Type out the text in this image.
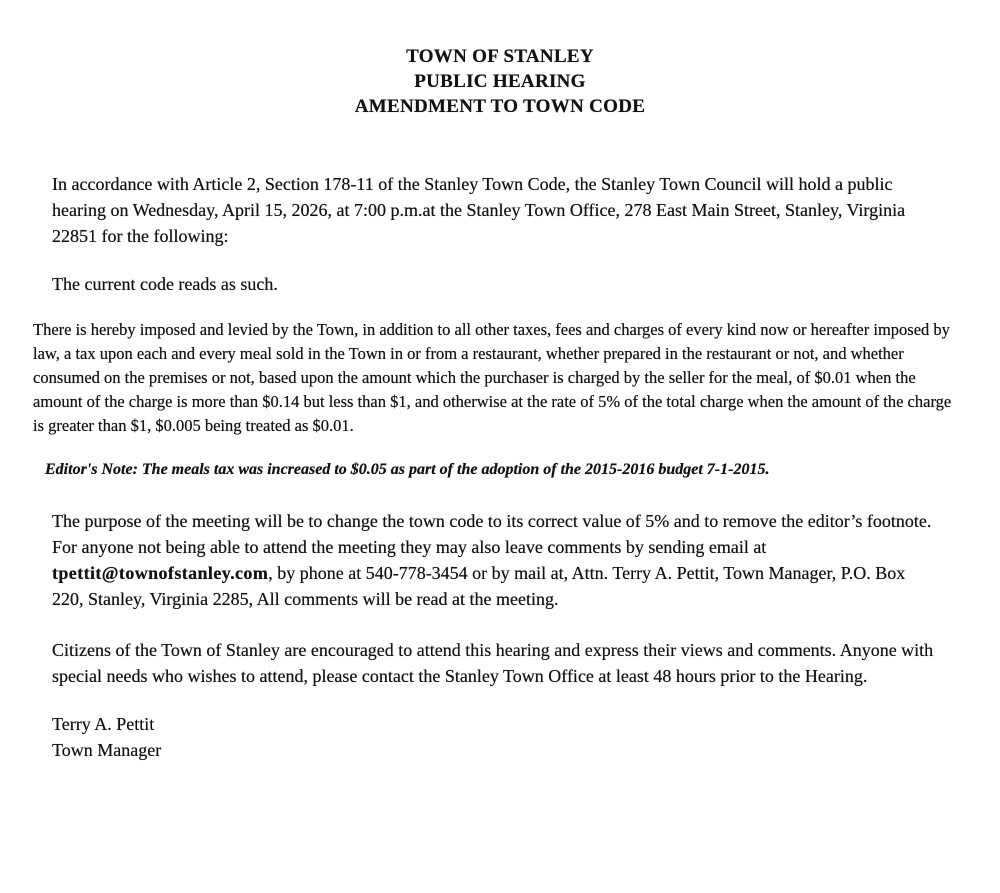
TOWN OF STANLEY
PUBLIC HEARING
AMENDMENT TO TOWN CODE

In accordance with Article 2, Section 178-11 of the Stanley Town Code, the Stanley Town Council will hold a public hearing on Wednesday, April 15, 2026, at 7:00 p.m.at the Stanley Town Office, 278 East Main Street, Stanley, Virginia 22851 for the following:

The current code reads as such.

There is hereby imposed and levied by the Town, in addition to all other taxes, fees and charges of every kind now or hereafter imposed by law, a tax upon each and every meal sold in the Town in or from a restaurant, whether prepared in the restaurant or not, and whether consumed on the premises or not, based upon the amount which the purchaser is charged by the seller for the meal, of $0.01 when the amount of the charge is more than $0.14 but less than $1, and otherwise at the rate of 5% of the total charge when the amount of the charge is greater than $1, $0.005 being treated as $0.01.

Editor's Note: The meals tax was increased to $0.05 as part of the adoption of the 2015-2016 budget 7-1-2015.

The purpose of the meeting will be to change the town code to its correct value of 5% and to remove the editor’s footnote. For anyone not being able to attend the meeting they may also leave comments by sending email at tpettit@townofstanley.com, by phone at 540-778-3454 or by mail at, Attn. Terry A. Pettit, Town Manager, P.O. Box 220, Stanley, Virginia 2285, All comments will be read at the meeting.

Citizens of the Town of Stanley are encouraged to attend this hearing and express their views and comments. Anyone with special needs who wishes to attend, please contact the Stanley Town Office at least 48 hours prior to the Hearing.

Terry A. Pettit
Town Manager
